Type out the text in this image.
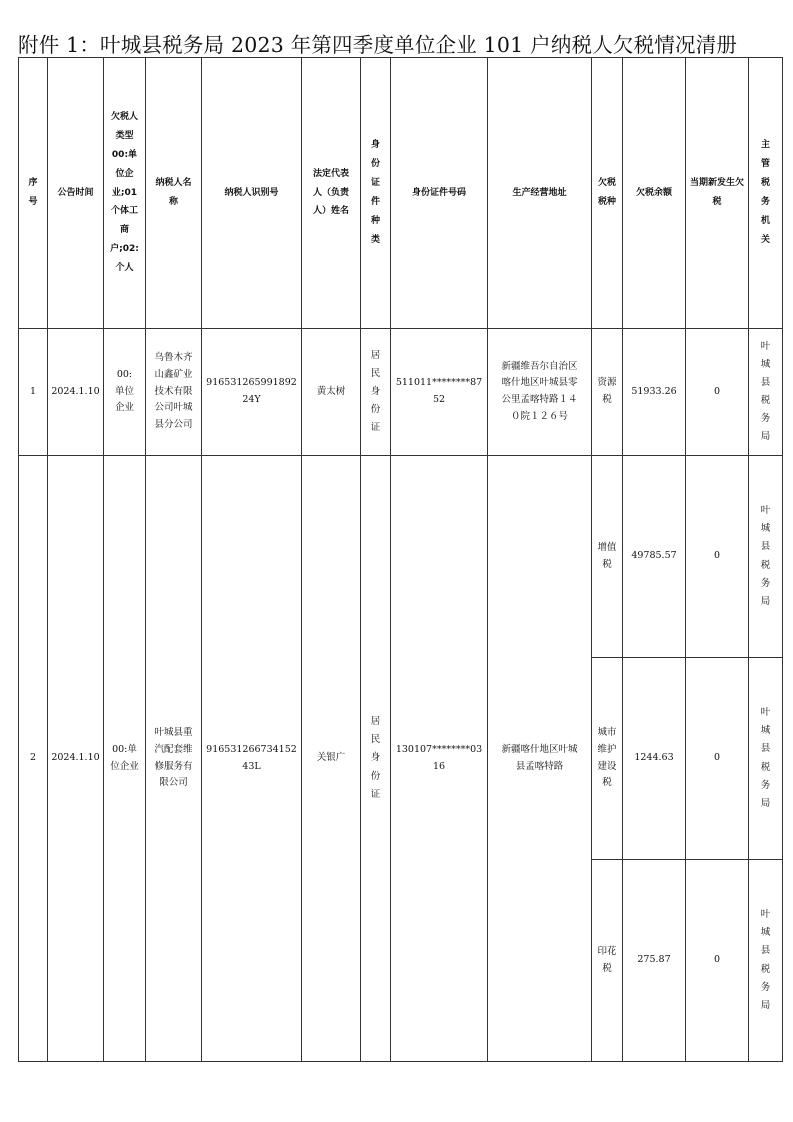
附件 1：叶城县税务局 2023 年第四季度单位企业 101 户纳税人欠税情况清册
序号	公告时间	欠税人类型00:单位企业;01个体工商户;02:个人	纳税人名称	纳税人识别号	法定代表人（负责人）姓名	身份证件种类	身份证件号码	生产经营地址	欠税税种	欠税余额	当期新发生欠税	主管税务机关

1	2024.1.10	00:单位企业	乌鲁木齐山鑫矿业技术有限公司叶城县分公司	91653126599189224Y	黄太树	居民身份证	511011********8752	新疆维吾尔自治区喀什地区叶城县零公里孟喀特路１４０院１２６号	资源税	51933.26	0	叶城县税务局

2	2024.1.10	00:单位企业	叶城县重汽配套维修服务有限公司	91653126673415243L	关银广	居民身份证	130107********0316	新疆喀什地区叶城县孟喀特路	增值税	49785.57	0	叶城县税务局

									城市维护建设税	1244.63	0	叶城县税务局

									印花税	275.87	0	叶城县税务局
